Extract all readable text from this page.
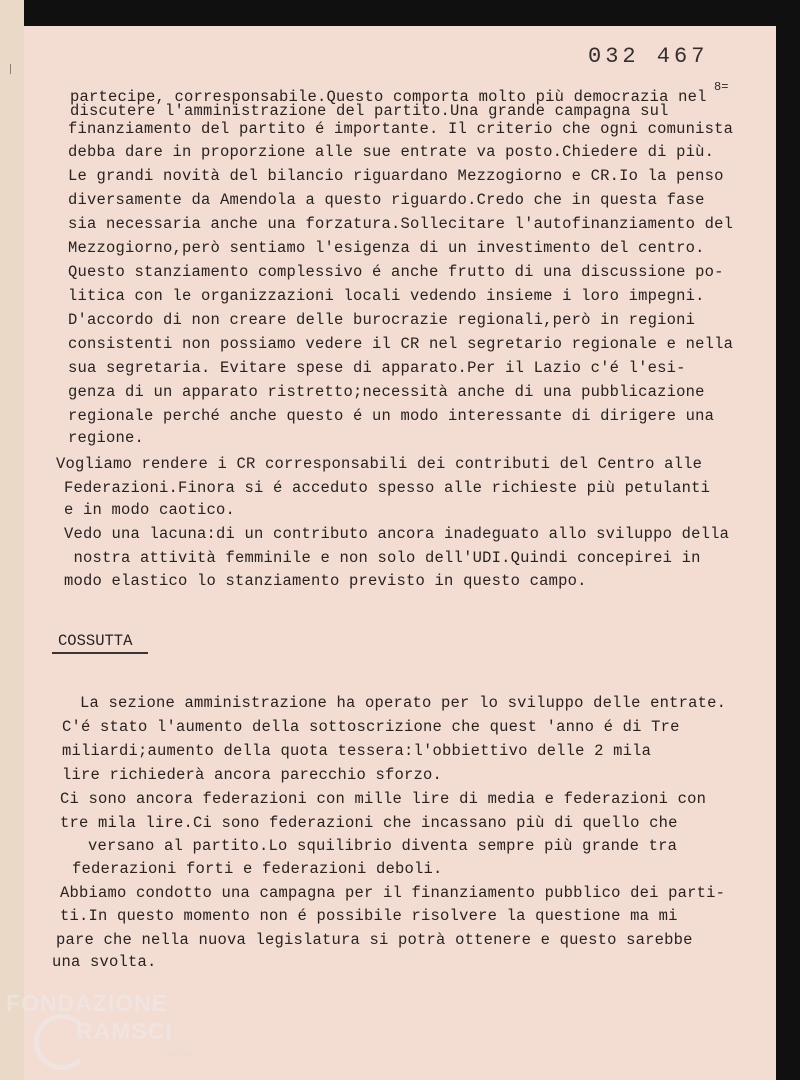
032 467
8=
partecipe, corresponsabile.Questo comporta molto più democrazia nel
discutere l'amministrazione del partito.Una grande campagna sul
finanziamento del partito é importante. Il criterio che ogni comunista
debba dare in proporzione alle sue entrate va posto.Chiedere di più.
Le grandi novità del bilancio riguardano Mezzogiorno e CR.Io la penso
diversamente da Amendola a questo riguardo.Credo che in questa fase
sia necessaria anche una forzatura.Sollecitare l'autofinanziamento del
Mezzogiorno,però sentiamo l'esigenza di un investimento del centro.
Questo stanziamento complessivo é anche frutto di una discussione po-
litica con le organizzazioni locali vedendo insieme i loro impegni.
D'accordo di non creare delle burocrazie regionali,però in regioni
consistenti non possiamo vedere il CR nel segretario regionale e nella
sua segretaria. Evitare spese di apparato.Per il Lazio c'é l'esi-
genza di un apparato ristretto;necessità anche di una pubblicazione
regionale perché anche questo é un modo interessante di dirigere una
regione.
Vogliamo rendere i CR corresponsabili dei contributi del Centro alle
Federazioni.Finora si é acceduto spesso alle richieste più petulanti
e in modo caotico.
Vedo una lacuna:di un contributo ancora inadeguato allo sviluppo della
nostra attività femminile e non solo dell'UDI.Quindi concepirei in
modo elastico lo stanziamento previsto in questo campo.
COSSUTTA
La sezione amministrazione ha operato per lo sviluppo delle entrate.
C'é stato l'aumento della sottoscrizione che quest 'anno é di Tre
miliardi;aumento della quota tessera:l'obbiettivo delle 2 mila
lire richiederà ancora parecchio sforzo.
Ci sono ancora federazioni con mille lire di media e federazioni con
tre mila lire.Ci sono federazioni che incassano più di quello che
versano al partito.Lo squilibrio diventa sempre più grande tra
federazioni forti e federazioni deboli.
Abbiamo condotto una campagna per il finanziamento pubblico dei parti-
ti.In questo momento non é possibile risolvere la questione ma mi
pare che nella nuova legislatura si potrà ottenere e questo sarebbe
una svolta.
FONDAZIONE
RAMSCI
onlus
